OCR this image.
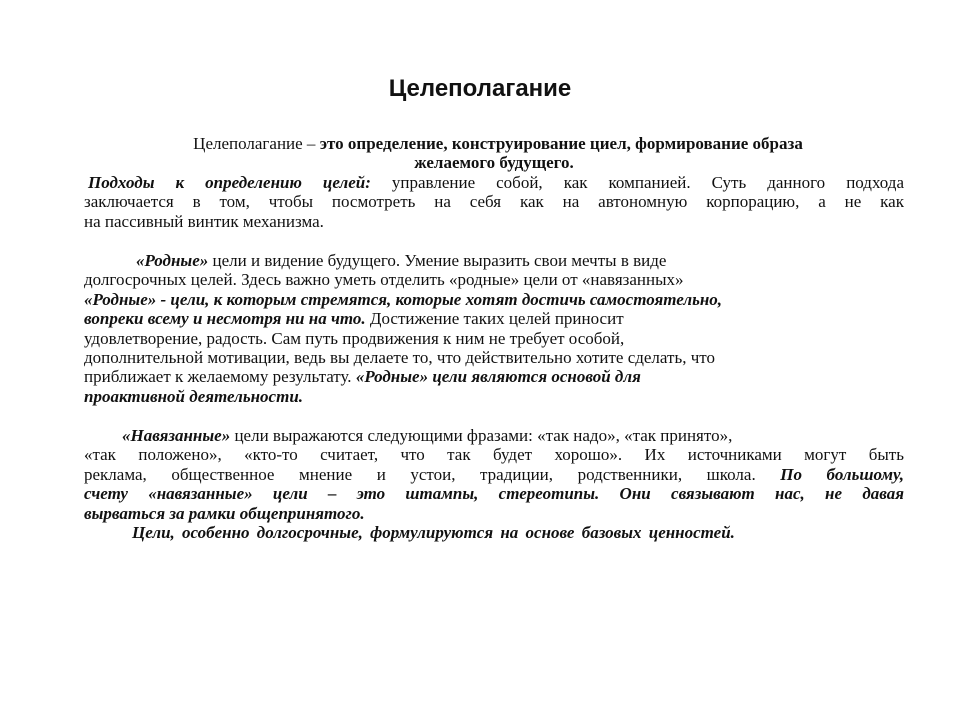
Целеполагание
Целеполагание – это определение, конструирование циел, формирование образа
желаемого будущего.
Подходы к определению целей: управление собой, как компанией. Суть данного подхода
заключается в том, чтобы посмотреть на себя как на автономную корпорацию, а не как
на пассивный винтик механизма.
«Родные» цели и видение будущего. Умение выразить свои мечты в виде
долгосрочных целей. Здесь важно уметь отделить «родные» цели от «навязанных»
«Родные» - цели, к которым стремятся, которые хотят достичь самостоятельно,
вопреки всему и несмотря ни на что. Достижение таких целей приносит
удовлетворение, радость. Сам путь продвижения к ним не требует особой,
дополнительной мотивации, ведь вы делаете то, что действительно хотите сделать, что
приближает к желаемому результату. «Родные» цели являются основой для
проактивной деятельности.
«Навязанные» цели выражаются следующими фразами: «так надо», «так принято»,
«так положено», «кто-то считает, что так будет хорошо». Их источниками могут быть
реклама, общественное мнение и устои, традиции, родственники, школа. По большому,
счету «навязанные» цели – это штампы, стереотипы. Они связывают нас, не давая
вырваться за рамки общепринятого.
Цели, особенно долгосрочные, формулируются на основе базовых ценностей.
